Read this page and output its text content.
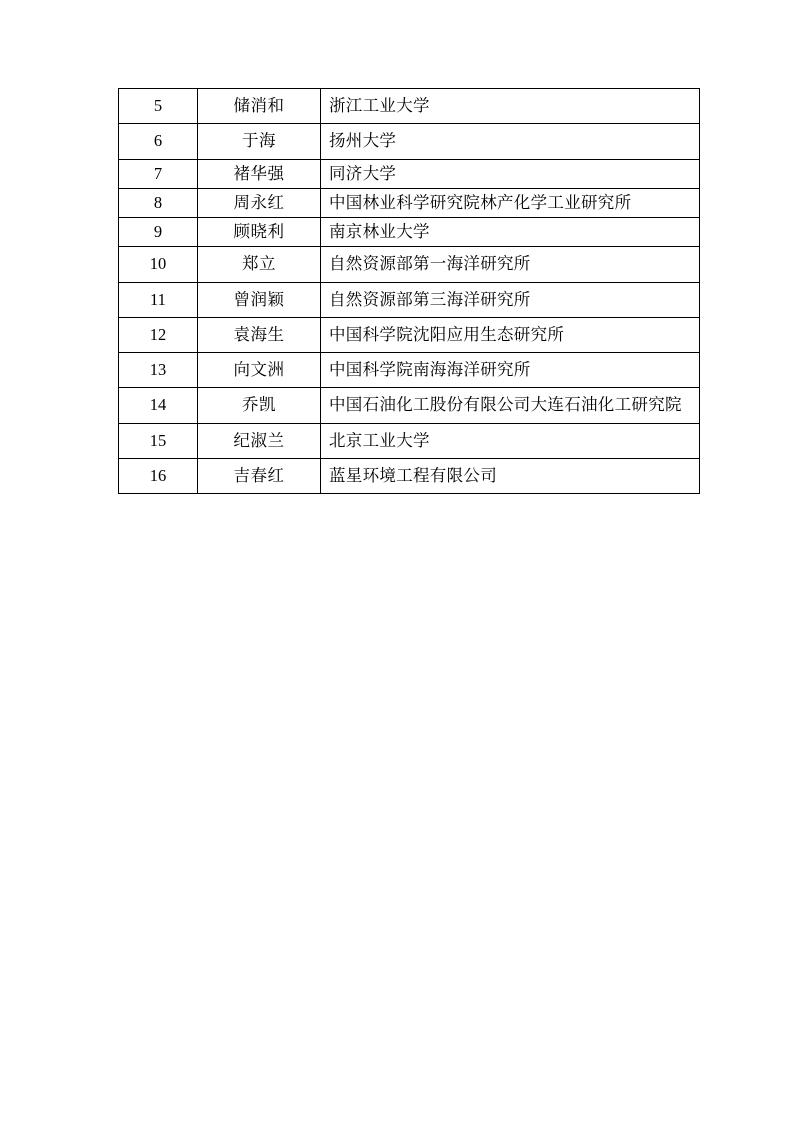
5	储消和	浙江工业大学
6	于海	扬州大学
7	褚华强	同济大学
8	周永红	中国林业科学研究院林产化学工业研究所
9	顾晓利	南京林业大学
10	郑立	自然资源部第一海洋研究所
11	曾润颖	自然资源部第三海洋研究所
12	袁海生	中国科学院沈阳应用生态研究所
13	向文洲	中国科学院南海海洋研究所
14	乔凯	中国石油化工股份有限公司大连石油化工研究院
15	纪淑兰	北京工业大学
16	吉春红	蓝星环境工程有限公司
